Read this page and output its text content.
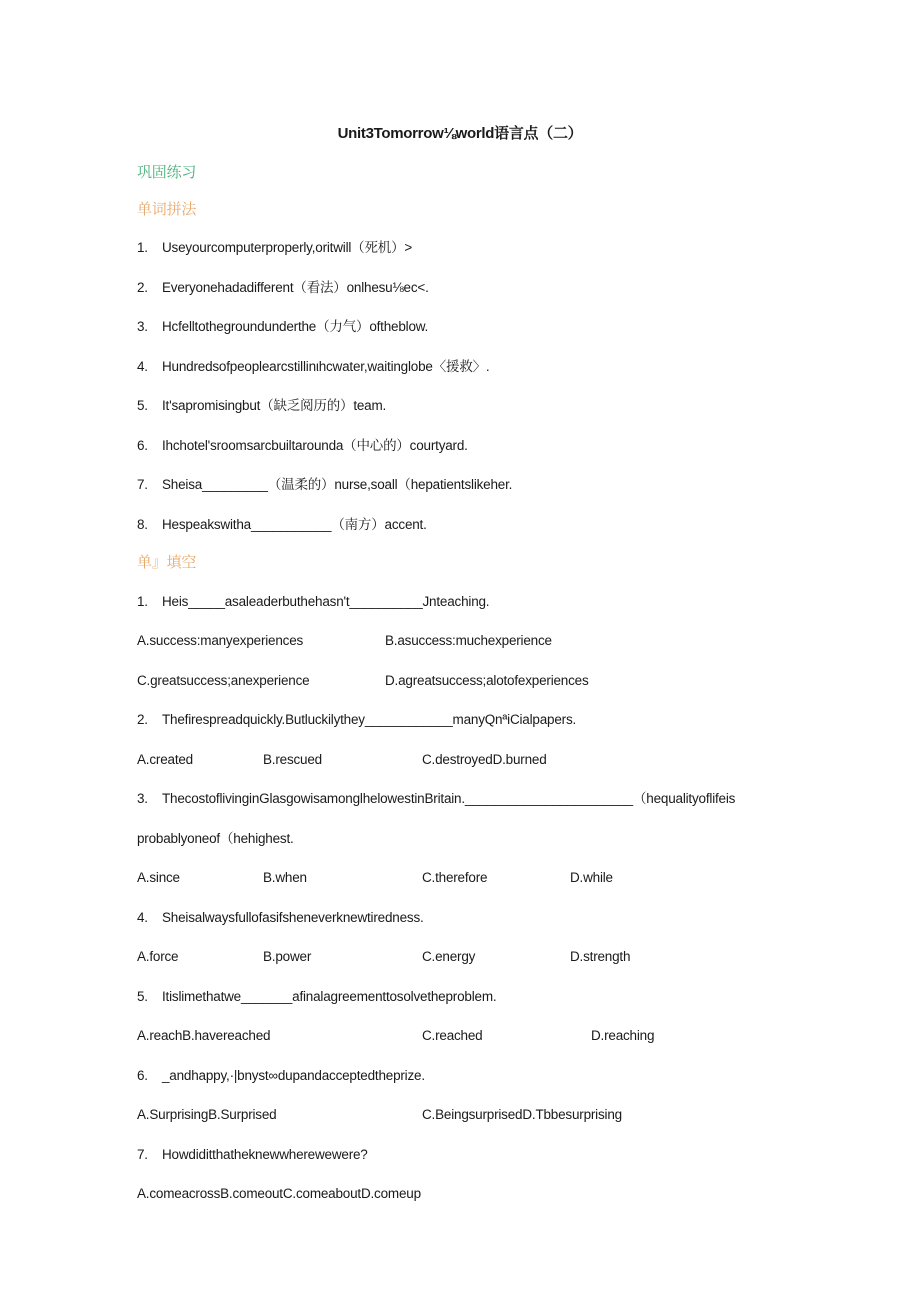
Unit3Tomorrow⅛world语言点（二）
巩固练习
单词拼法
1. Useyourcomputerproperly,oritwill（死机）>
2. Everyonehadadifferent（看法）onlhesu⅛ec<.
3. Hcfelltothegroundunderthe（力气）oftheblow.
4. Hundredsofpeoplearcstillinιhcwater,waitinglobe〈援救〉.
5. It'sapromisingbut（缺乏阅历的）team.
6. Ihchotel'sroomsarcbuiltarounda（中心的）courtyard.
7. Sheisa_________（温柔的）nurse,soall（hepatientslikeher.
8. Hespeakswitha___________（南方）accent.
单』填空
1. Heis_____asaleaderbuthehasn't__________Jnteaching.
A.success:manyexperiences	B.asuccess:muchexperience
C.greatsuccess;anexperience	D.agreatsuccess;alotofexperiences
2. Thefirespreadquickly.Butluckilythey____________manyQnªiCialpapers.
A.created	B.rescued	C.destroyedD.burned
3. ThecostoflivinginGlasgowisamonglhelowestinBritain._______________________（hequalityoflifeis
probablyoneof（hehighest.
A.since	B.when	C.therefore	D.while
4. Sheisalwaysfullofasifsheneverknewtiredness.
A.force	B.power	C.energy	D.strength
5. Itislimethatwe_______afinalagreementtosolvetheproblem.
A.reachB.havereached	C.reached	D.reaching
6. _andhappy,·|bnyst∞dupandacceptedtheprize.
A.SurprisingB.Surprised	C.BeingsurprisedD.Tbbesurprising
7. Howdiditthatheknewwherewewere?
A.comeacrossB.comeoutC.comeaboutD.comeup
